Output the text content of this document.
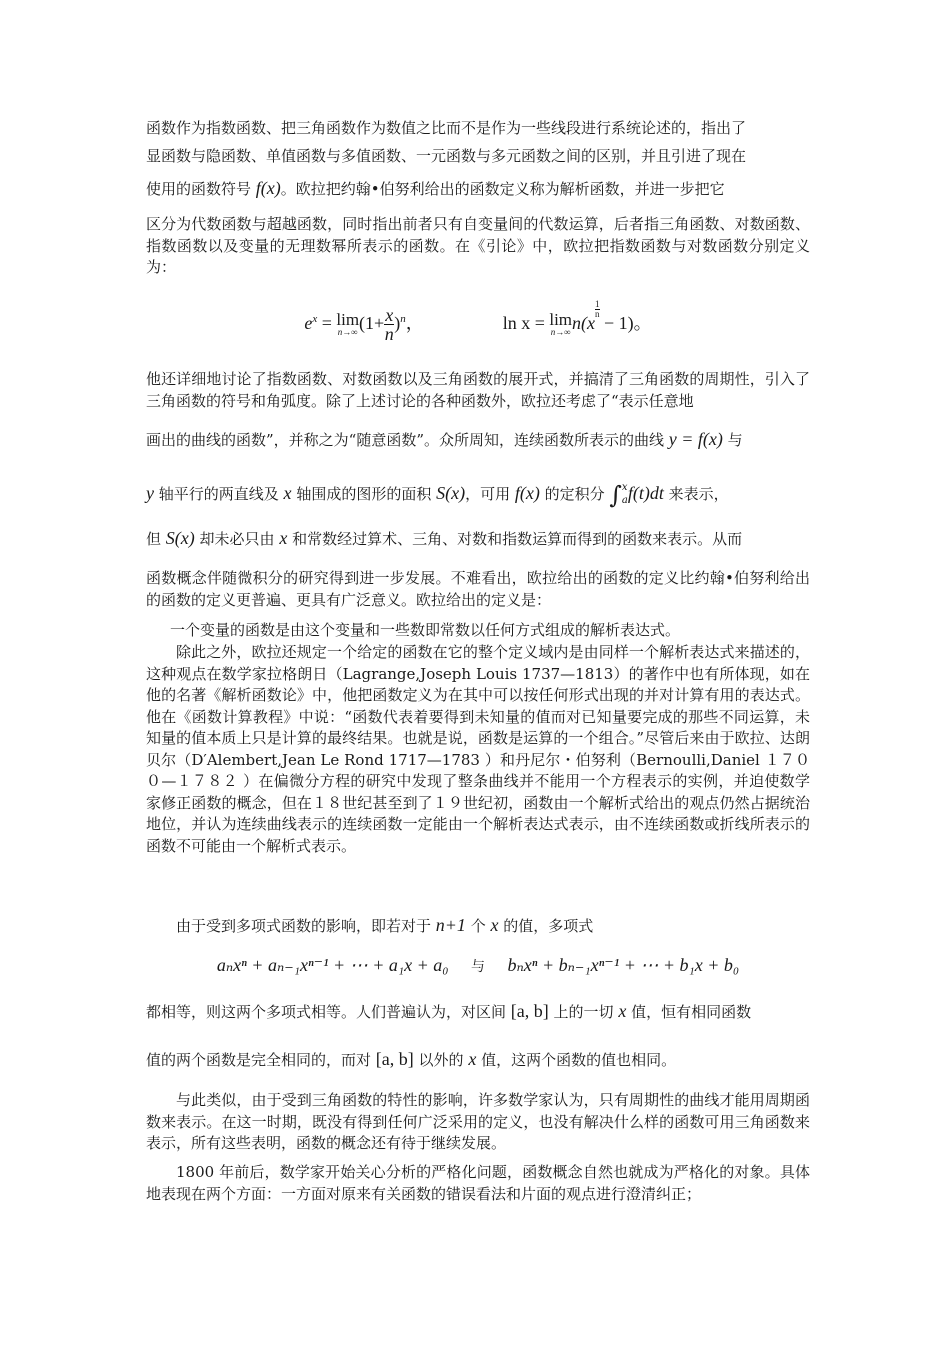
函数作为指数函数、把三角函数作为数值之比而不是作为一些线段进行系统论述的，指出了

显函数与隐函数、单值函数与多值函数、一元函数与多元函数之间的区别，并且引进了现在

使用的函数符号 f(x)。欧拉把约翰•伯努利给出的函数定义称为解析函数，并进一步把它

区分为代数函数与超越函数，同时指出前者只有自变量间的代数运算，后者指三角函数、对数函数、指数函数以及变量的无理数幂所表示的函数。在《引论》中，欧拉把指数函数与对数函数分别定义为：

$e^x = \lim$
n→∞ $(1+ \frac{x}{n} )^n$，	ln x = lim
n→∞ n(x
$\frac{1}{n} - 1$)。

他还详细地讨论了指数函数、对数函数以及三角函数的展开式，并搞清了三角函数的周期性，引入了三角函数的符号和角弧度。除了上述讨论的各种函数外，欧拉还考虑了“表示任意地

画出的曲线的函数”，并称之为“随意函数”。众所周知，连续函数所表示的曲线 y = f(x) 与

y 轴平行的两直线及 x 轴围成的图形的面积 S(x)，可用 f(x) 的定积分 ∫ x
a f(t)dt 来表示，

但 S(x) 却未必只由 x 和常数经过算术、三角、对数和指数运算而得到的函数来表示。从而

函数概念伴随微积分的研究得到进一步发展。不难看出，欧拉给出的函数的定义比约翰•伯努利给出的函数的定义更普遍、更具有广泛意义。欧拉给出的定义是：

一个变量的函数是由这个变量和一些数即常数以任何方式组成的解析表达式。

除此之外，欧拉还规定一个给定的函数在它的整个定义域内是由同样一个解析表达式来描述的，这种观点在数学家拉格朗日（Lagrange,Joseph Louis 1737—1813）的著作中也有所体现，如在他的名著《解析函数论》中，他把函数定义为在其中可以按任何形式出现的并对计算有用的表达式。他在《函数计算教程》中说：“函数代表着要得到未知量的值而对已知量要完成的那些不同运算，未知量的值本质上只是计算的最终结果。也就是说，函数是运算的一个组合。”尽管后来由于欧拉、达朗贝尔（D′Alembert,Jean Le Rond 1717—1783 ）和丹尼尔・伯努利（Bernoulli,Daniel １７００—１７８２ ）在偏微分方程的研究中发现了整条曲线并不能用一个方程表示的实例，并迫使数学家修正函数的概念，但在１８世纪甚至到了１９世纪初，函数由一个解析式给出的观点仍然占据统治地位，并认为连续曲线表示的连续函数一定能由一个解析表达式表示，由不连续函数或折线所表示的函数不可能由一个解析式表示。

由于受到多项式函数的影响，即若对于 n+1 个 x 的值，多项式

aₙxⁿ + aₙ₋₁xⁿ⁻¹ + ⋯ + a₁x + a₀ 与 bₙxⁿ + bₙ₋₁xⁿ⁻¹ + ⋯ + b₁x + b₀

都相等，则这两个多项式相等。人们普遍认为，对区间 [a, b] 上的一切 x 值，恒有相同函数

值的两个函数是完全相同的，而对 [a, b] 以外的 x 值，这两个函数的值也相同。

与此类似，由于受到三角函数的特性的影响，许多数学家认为，只有周期性的曲线才能用周期函数来表示。在这一时期，既没有得到任何广泛采用的定义，也没有解决什么样的函数可用三角函数来表示，所有这些表明，函数的概念还有待于继续发展。

1800 年前后，数学家开始关心分析的严格化问题，函数概念自然也就成为严格化的对象。具体地表现在两个方面：一方面对原来有关函数的错误看法和片面的观点进行澄清纠正；
